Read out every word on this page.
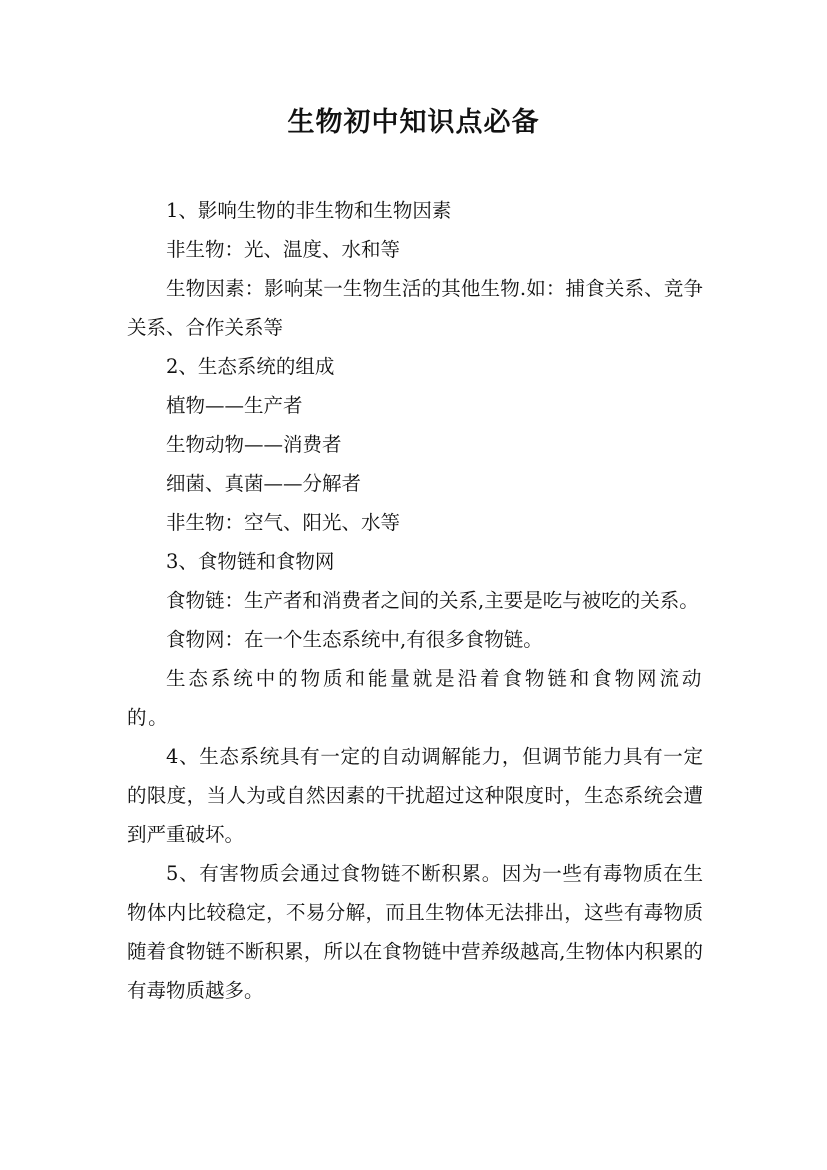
生物初中知识点必备

1、影响生物的非生物和生物因素

非生物：光、温度、水和等

生物因素：影响某一生物生活的其他生物.如：捕食关系、竞争关系、合作关系等

2、生态系统的组成

植物——生产者

生物动物——消费者

细菌、真菌——分解者

非生物：空气、阳光、水等

3、食物链和食物网

食物链：生产者和消费者之间的关系,主要是吃与被吃的关系。

食物网：在一个生态系统中,有很多食物链。

生态系统中的物质和能量就是沿着食物链和食物网流动的。

4、生态系统具有一定的自动调解能力，但调节能力具有一定的限度，当人为或自然因素的干扰超过这种限度时，生态系统会遭到严重破坏。

5、有害物质会通过食物链不断积累。因为一些有毒物质在生物体内比较稳定，不易分解，而且生物体无法排出，这些有毒物质随着食物链不断积累，所以在食物链中营养级越高,生物体内积累的有毒物质越多。
